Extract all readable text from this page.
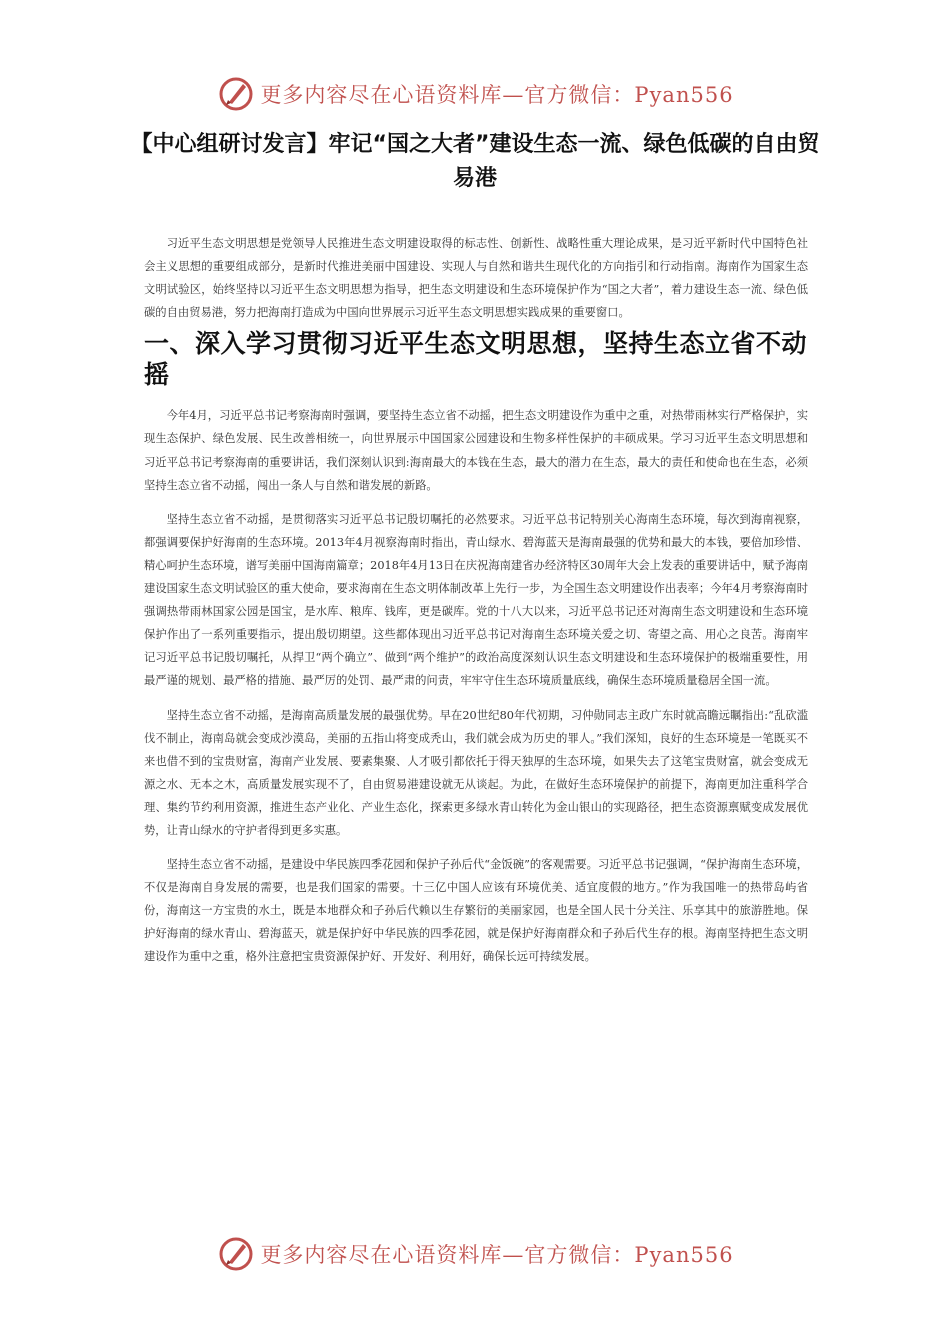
更多内容尽在心语资料库—官方微信：Pyan556
【中心组研讨发言】牢记“国之大者”建设生态一流、绿色低碳的自由贸易港

习近平生态文明思想是党领导人民推进生态文明建设取得的标志性、创新性、战略性重大理论成果，是习近平新时代中国特色社会主义思想的重要组成部分，是新时代推进美丽中国建设、实现人与自然和谐共生现代化的方向指引和行动指南。海南作为国家生态文明试验区，始终坚持以习近平生态文明思想为指导，把生态文明建设和生态环境保护作为“国之大者”，着力建设生态一流、绿色低碳的自由贸易港，努力把海南打造成为中国向世界展示习近平生态文明思想实践成果的重要窗口。

一、深入学习贯彻习近平生态文明思想，坚持生态立省不动摇

今年4月，习近平总书记考察海南时强调，要坚持生态立省不动摇，把生态文明建设作为重中之重，对热带雨林实行严格保护，实现生态保护、绿色发展、民生改善相统一，向世界展示中国国家公园建设和生物多样性保护的丰硕成果。学习习近平生态文明思想和习近平总书记考察海南的重要讲话，我们深刻认识到:海南最大的本钱在生态，最大的潜力在生态，最大的责任和使命也在生态，必须坚持生态立省不动摇，闯出一条人与自然和谐发展的新路。

坚持生态立省不动摇，是贯彻落实习近平总书记殷切嘱托的必然要求。习近平总书记特别关心海南生态环境，每次到海南视察，都强调要保护好海南的生态环境。2013年4月视察海南时指出，青山绿水、碧海蓝天是海南最强的优势和最大的本钱，要倍加珍惜、精心呵护生态环境，谱写美丽中国海南篇章；2018年4月13日在庆祝海南建省办经济特区30周年大会上发表的重要讲话中，赋予海南建设国家生态文明试验区的重大使命，要求海南在生态文明体制改革上先行一步，为全国生态文明建设作出表率；今年4月考察海南时强调热带雨林国家公园是国宝，是水库、粮库、钱库，更是碳库。党的十八大以来，习近平总书记还对海南生态文明建设和生态环境保护作出了一系列重要指示，提出殷切期望。这些都体现出习近平总书记对海南生态环境关爱之切、寄望之高、用心之良苦。海南牢记习近平总书记殷切嘱托，从捍卫“两个确立”、做到“两个维护”的政治高度深刻认识生态文明建设和生态环境保护的极端重要性，用最严谨的规划、最严格的措施、最严厉的处罚、最严肃的问责，牢牢守住生态环境质量底线，确保生态环境质量稳居全国一流。

坚持生态立省不动摇，是海南高质量发展的最强优势。早在20世纪80年代初期，习仲勋同志主政广东时就高瞻远瞩指出:“乱砍滥伐不制止，海南岛就会变成沙漠岛，美丽的五指山将变成秃山，我们就会成为历史的罪人。”我们深知，良好的生态环境是一笔既买不来也借不到的宝贵财富，海南产业发展、要素集聚、人才吸引都依托于得天独厚的生态环境，如果失去了这笔宝贵财富，就会变成无源之水、无本之木，高质量发展实现不了，自由贸易港建设就无从谈起。为此，在做好生态环境保护的前提下，海南更加注重科学合理、集约节约利用资源，推进生态产业化、产业生态化，探索更多绿水青山转化为金山银山的实现路径，把生态资源禀赋变成发展优势，让青山绿水的守护者得到更多实惠。

坚持生态立省不动摇，是建设中华民族四季花园和保护子孙后代“金饭碗”的客观需要。习近平总书记强调，“保护海南生态环境，不仅是海南自身发展的需要，也是我们国家的需要。十三亿中国人应该有环境优美、适宜度假的地方。”作为我国唯一的热带岛屿省份，海南这一方宝贵的水土，既是本地群众和子孙后代赖以生存繁衍的美丽家园，也是全国人民十分关注、乐享其中的旅游胜地。保护好海南的绿水青山、碧海蓝天，就是保护好中华民族的四季花园，就是保护好海南群众和子孙后代生存的根。海南坚持把生态文明建设作为重中之重，格外注意把宝贵资源保护好、开发好、利用好，确保长远可持续发展。

更多内容尽在心语资料库—官方微信：Pyan556
